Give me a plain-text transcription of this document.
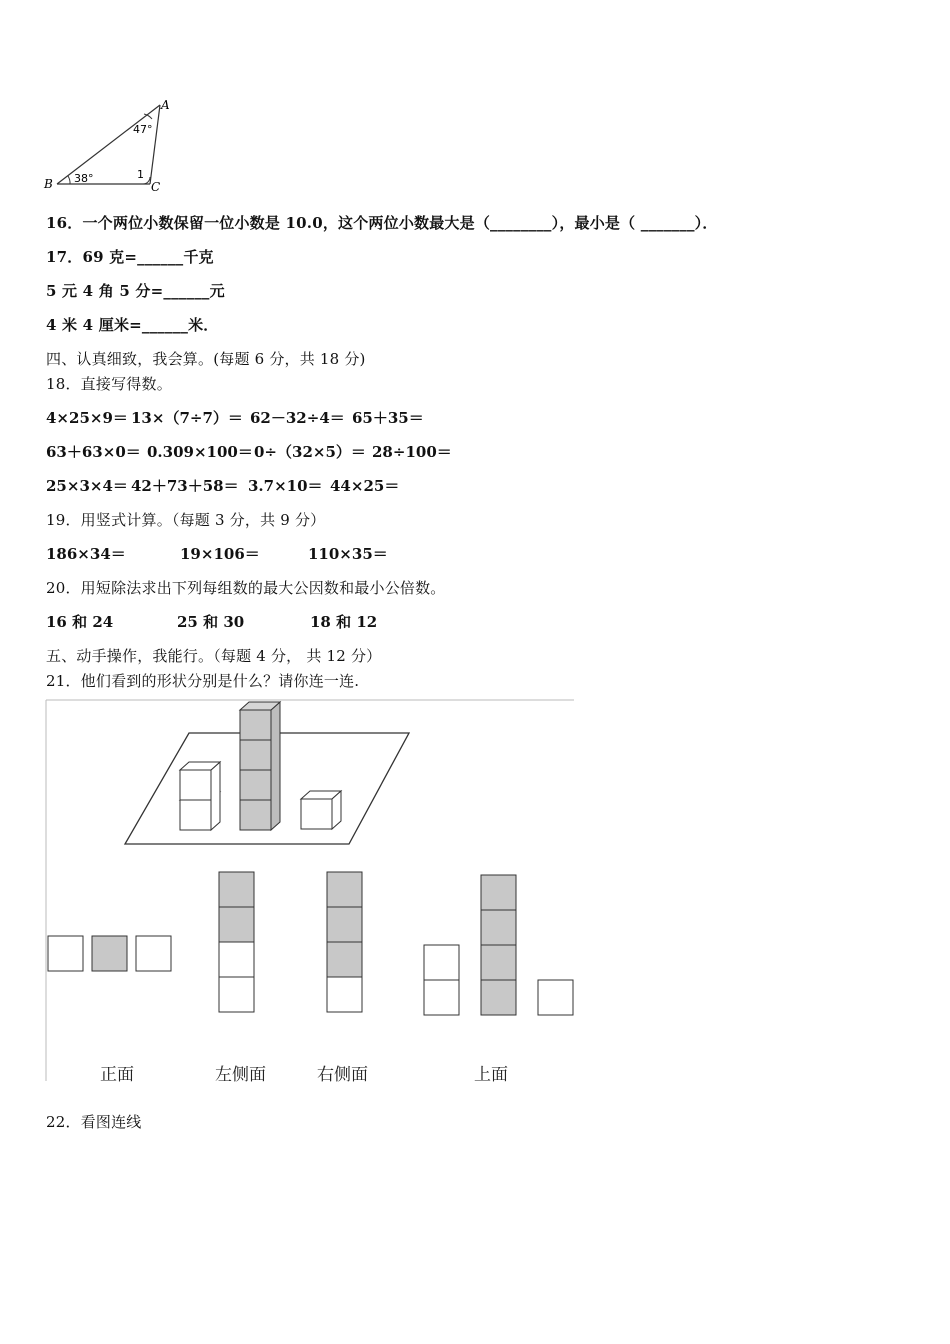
A
B	C
47°
38°	1
16．一个两位小数保留一位小数是 10.0，这个两位小数最大是（________），最小是（ _______）．
17．69 克=______千克
5 元 4 角 5 分=______元
4 米 4 厘米=______米．
四、认真细致，我会算。(每题 6 分，共 18 分)
18．直接写得数。
4×25×9＝ 13×（7÷7）＝ 62－32÷4＝ 65＋35＝
63＋63×0＝ 0.309×100＝ 0÷（32×5）＝ 28÷100＝
25×3×4＝ 42＋73＋58＝ 3.7×10＝ 44×25＝
19．用竖式计算。（每题 3 分，共 9 分）
186×34＝	19×106＝	110×35＝
20．用短除法求出下列每组数的最大公因数和最小公倍数。
16 和 24	25 和 30	18 和 12
五、动手操作，我能行。（每题 4 分， 共 12 分）
21．他们看到的形状分别是什么？请你连一连.
正面	左侧面	右侧面	上面
22．看图连线
